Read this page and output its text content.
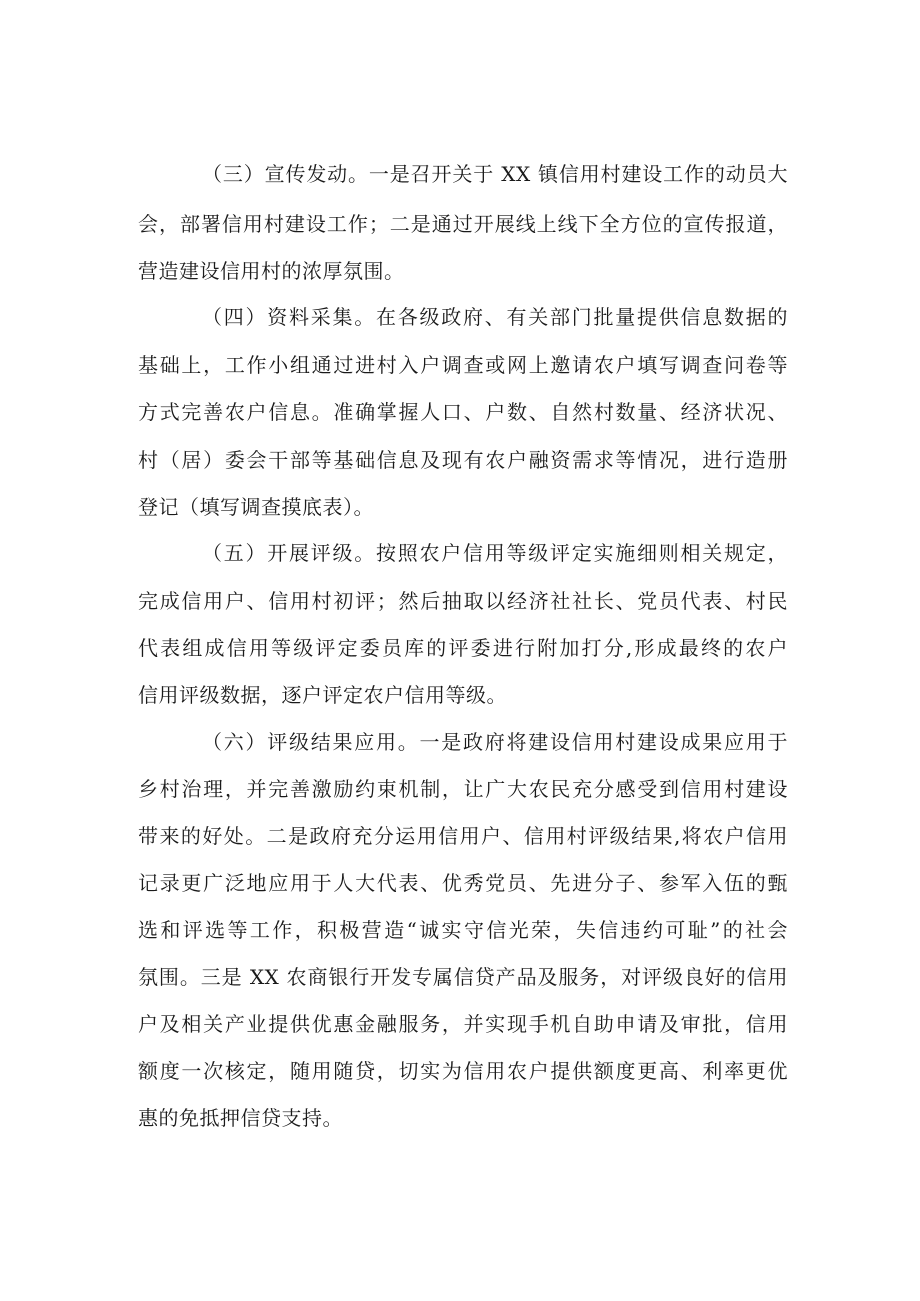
（三）宣传发动。一是召开关于 XX 镇信用村建设工作的动员大
会，部署信用村建设工作；二是通过开展线上线下全方位的宣传报道，
营造建设信用村的浓厚氛围。
（四）资料采集。在各级政府、有关部门批量提供信息数据的
基础上，工作小组通过进村入户调查或网上邀请农户填写调查问卷等
方式完善农户信息。准确掌握人口、户数、自然村数量、经济状况、
村（居）委会干部等基础信息及现有农户融资需求等情况，进行造册
登记（填写调查摸底表）。
（五）开展评级。按照农户信用等级评定实施细则相关规定，
完成信用户、信用村初评；然后抽取以经济社社长、党员代表、村民
代表组成信用等级评定委员库的评委进行附加打分,形成最终的农户
信用评级数据，逐户评定农户信用等级。
（六）评级结果应用。一是政府将建设信用村建设成果应用于
乡村治理，并完善激励约束机制，让广大农民充分感受到信用村建设
带来的好处。二是政府充分运用信用户、信用村评级结果,将农户信用
记录更广泛地应用于人大代表、优秀党员、先进分子、参军入伍的甄
选和评选等工作，积极营造“诚实守信光荣，失信违约可耻”的社会
氛围。三是 XX 农商银行开发专属信贷产品及服务，对评级良好的信用
户及相关产业提供优惠金融服务，并实现手机自助申请及审批，信用
额度一次核定，随用随贷，切实为信用农户提供额度更高、利率更优
惠的免抵押信贷支持。
